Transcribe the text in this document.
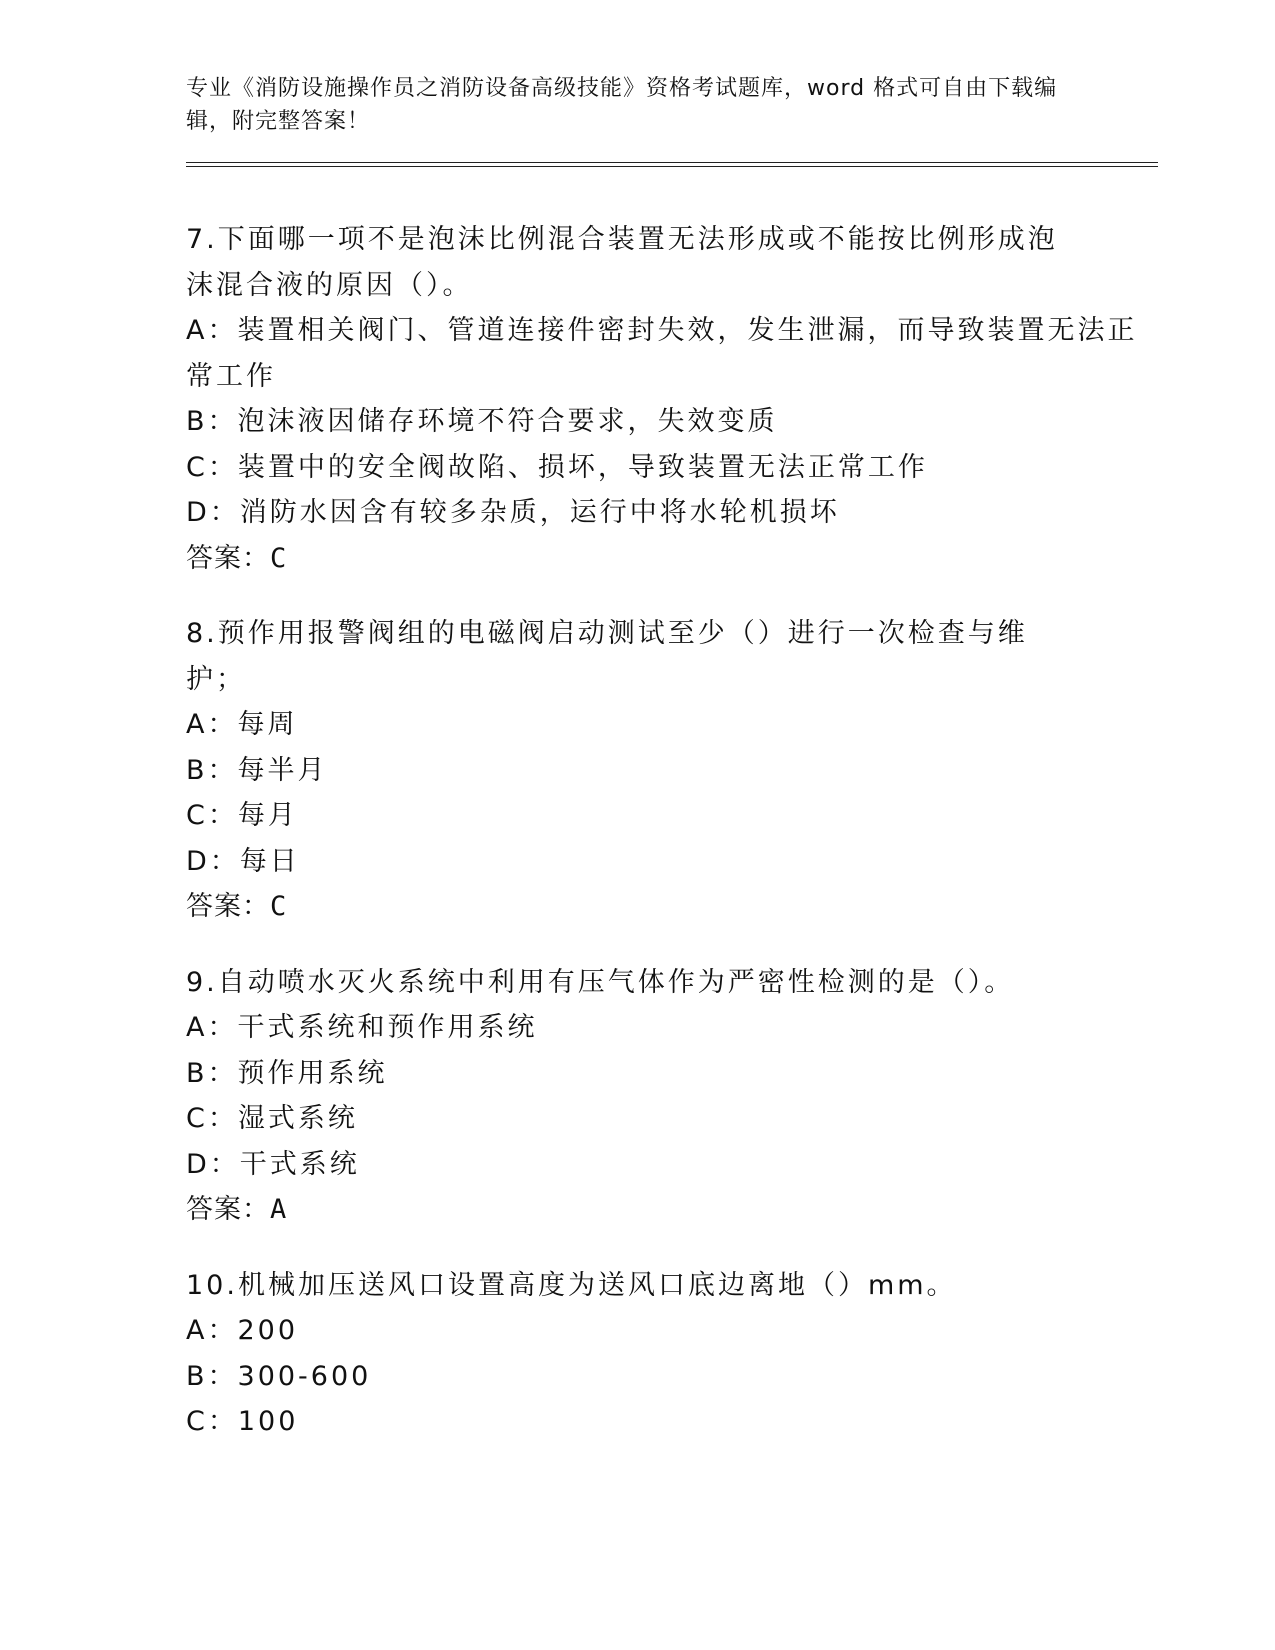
专业《消防设施操作员之消防设备高级技能》资格考试题库，word 格式可自由下载编辑，附完整答案！

7.下面哪一项不是泡沫比例混合装置无法形成或不能按比例形成泡沫混合液的原因（）。

A：装置相关阀门、管道连接件密封失效，发生泄漏，而导致装置无法正常工作

B：泡沫液因储存环境不符合要求，失效变质

C：装置中的安全阀故陷、损坏，导致装置无法正常工作

D：消防水因含有较多杂质，运行中将水轮机损坏

答案：C

8.预作用报警阀组的电磁阀启动测试至少（）进行一次检查与维护；

A：每周

B：每半月

C：每月

D：每日

答案：C

9.自动喷水灭火系统中利用有压气体作为严密性检测的是（）。

A：干式系统和预作用系统

B：预作用系统

C：湿式系统

D：干式系统

答案：A

10.机械加压送风口设置高度为送风口底边离地（）mm。

A：200

B：300-600

C：100
